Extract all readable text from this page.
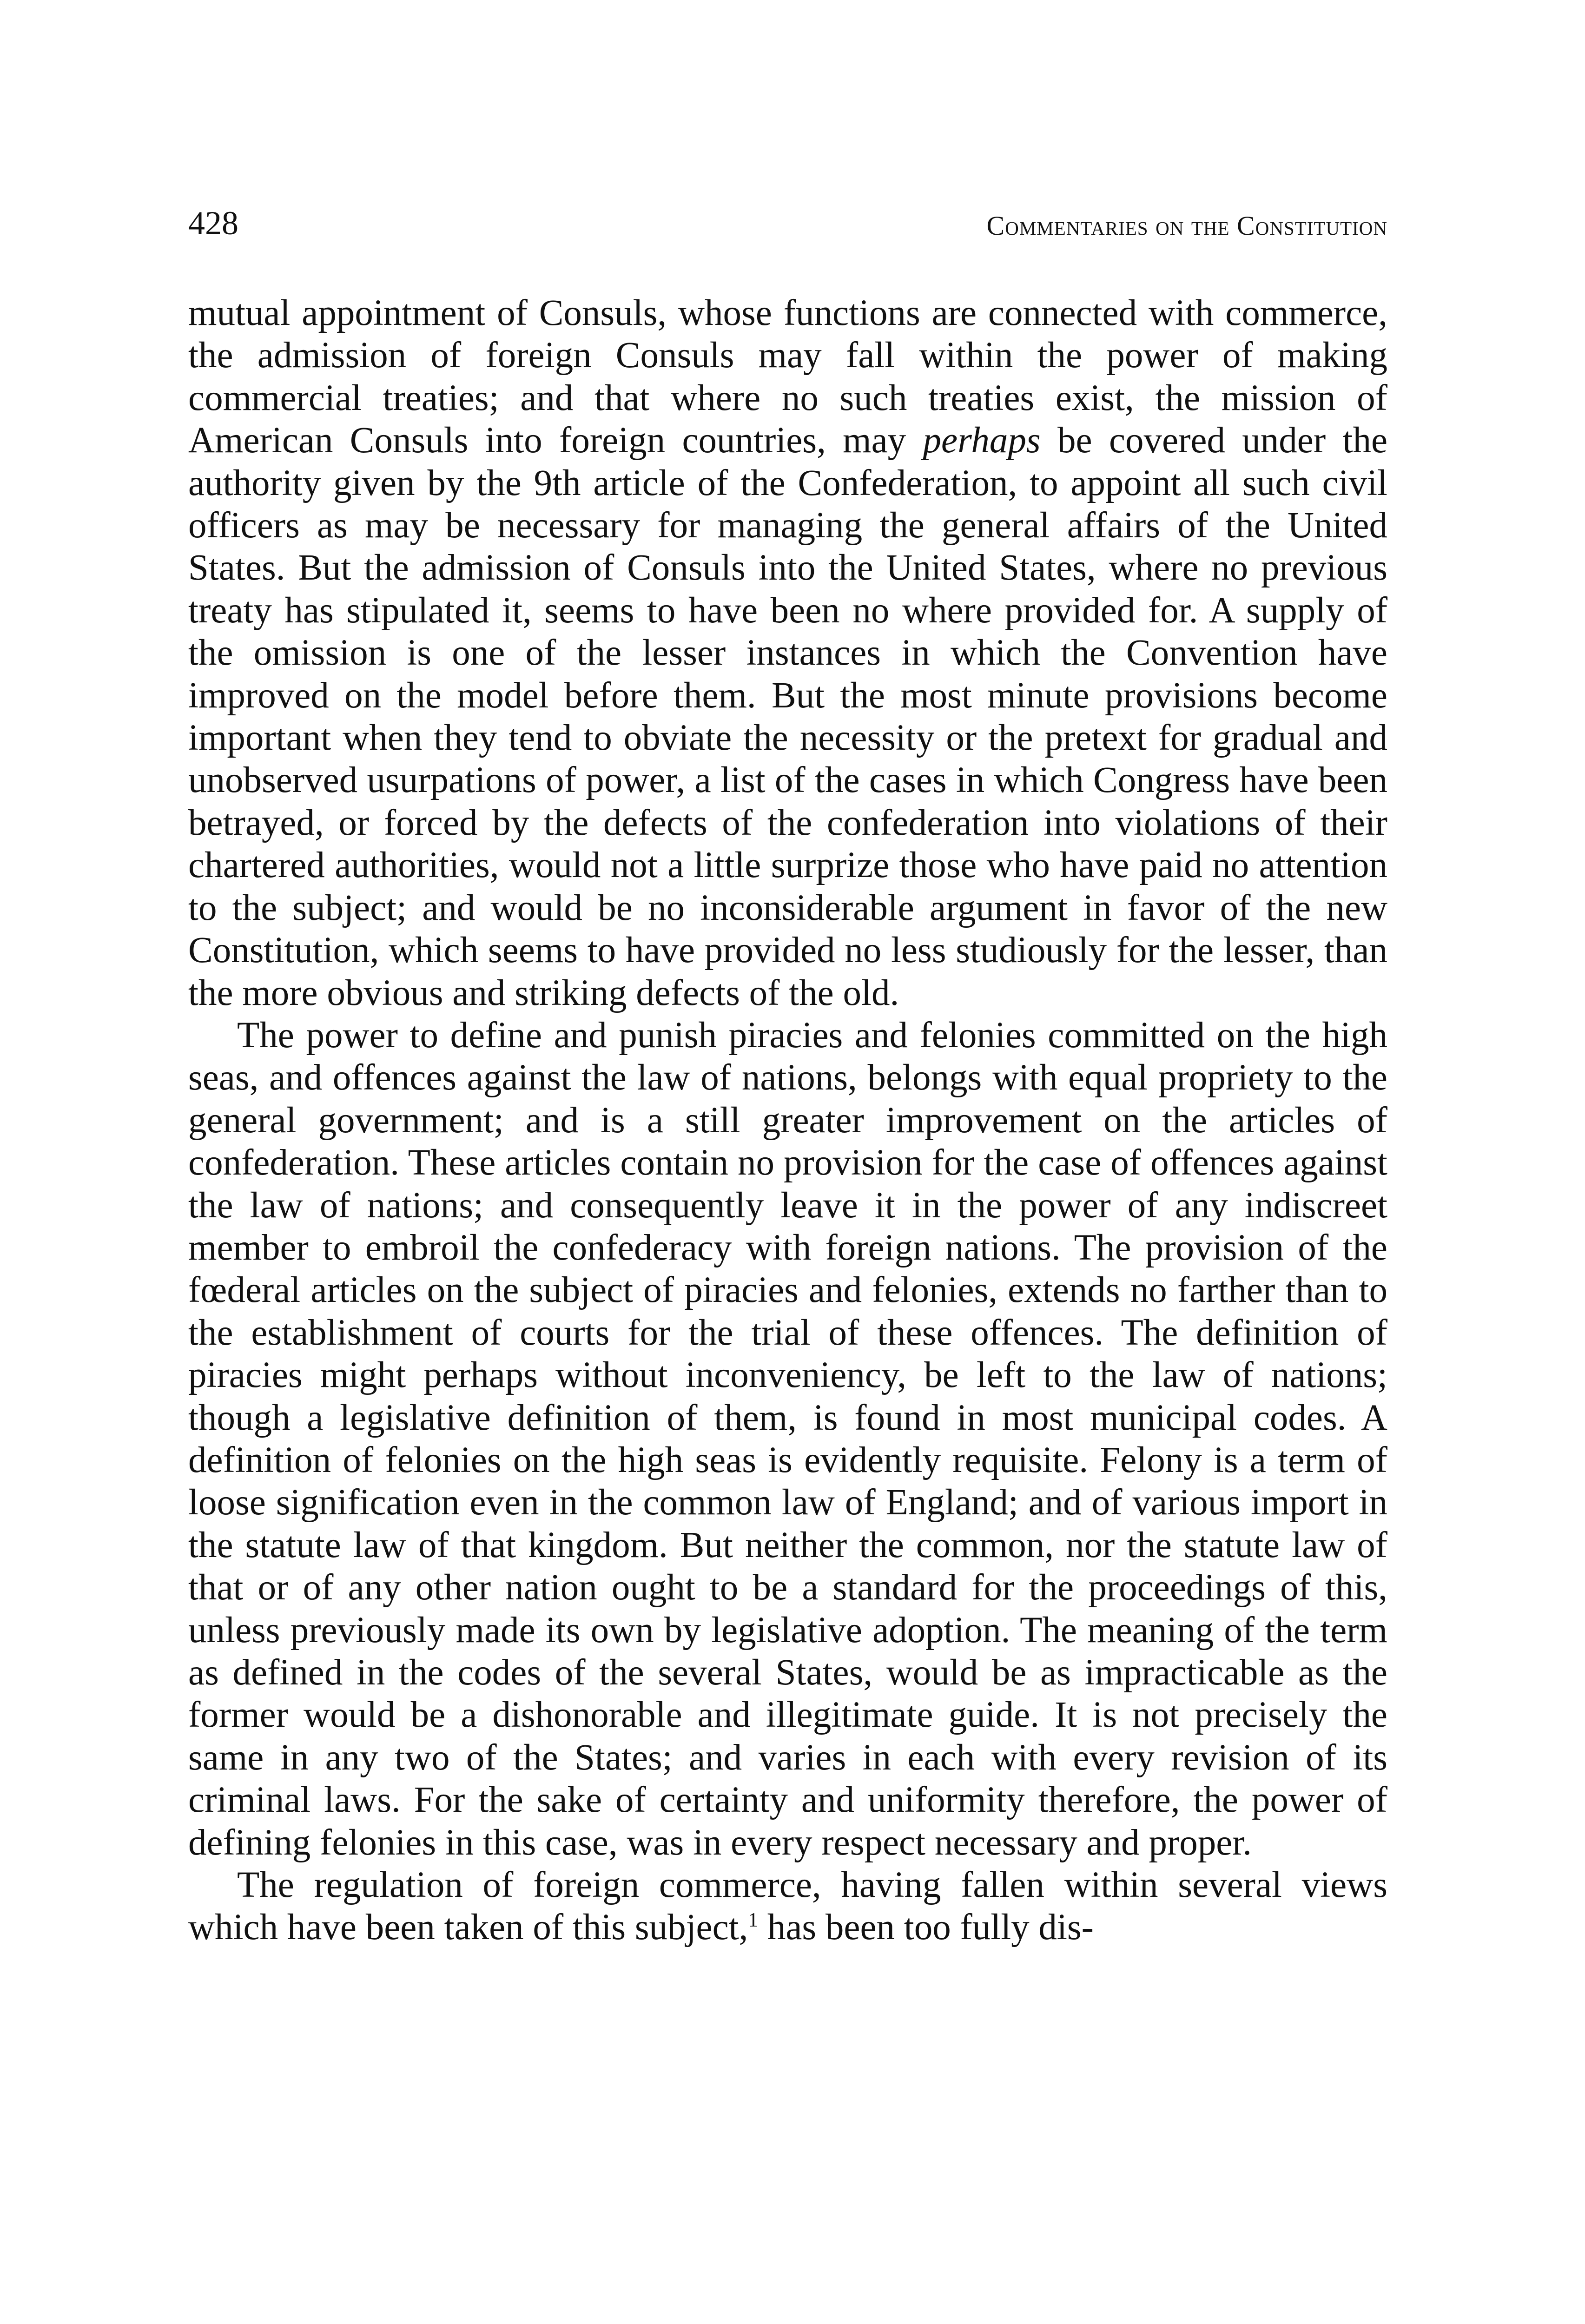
428	Commentaries on the Constitution

mutual appointment of Consuls, whose functions are connected with commerce, the admission of foreign Consuls may fall within the power of making commercial treaties; and that where no such treaties exist, the mission of American Consuls into foreign countries, may perhaps be covered under the authority given by the 9th article of the Confederation, to appoint all such civil officers as may be necessary for managing the general affairs of the United States. But the admission of Consuls into the United States, where no previous treaty has stipulated it, seems to have been no where provided for. A supply of the omission is one of the lesser instances in which the Convention have improved on the model before them. But the most minute provisions become important when they tend to obviate the necessity or the pretext for gradual and unobserved usurpations of power, a list of the cases in which Congress have been betrayed, or forced by the defects of the confederation into violations of their chartered authorities, would not a little surprize those who have paid no attention to the subject; and would be no inconsiderable argument in favor of the new Constitution, which seems to have provided no less studiously for the lesser, than the more obvious and striking defects of the old.

The power to define and punish piracies and felonies committed on the high seas, and offences against the law of nations, belongs with equal propriety to the general government; and is a still greater improvement on the articles of confederation. These articles contain no provision for the case of offences against the law of nations; and consequently leave it in the power of any indiscreet member to embroil the confederacy with foreign nations. The provision of the fœderal articles on the subject of piracies and felonies, extends no farther than to the establishment of courts for the trial of these offences. The definition of piracies might perhaps without inconveniency, be left to the law of nations; though a legislative definition of them, is found in most municipal codes. A definition of felonies on the high seas is evidently requisite. Felony is a term of loose signification even in the common law of England; and of various import in the statute law of that kingdom. But neither the common, nor the statute law of that or of any other nation ought to be a standard for the proceedings of this, unless previously made its own by legislative adoption. The meaning of the term as defined in the codes of the several States, would be as impracticable as the former would be a dishonorable and illegitimate guide. It is not precisely the same in any two of the States; and varies in each with every revision of its criminal laws. For the sake of certainty and uniformity therefore, the power of defining felonies in this case, was in every respect necessary and proper.

The regulation of foreign commerce, having fallen within several views which have been taken of this subject,$^1$ has been too fully dis-
